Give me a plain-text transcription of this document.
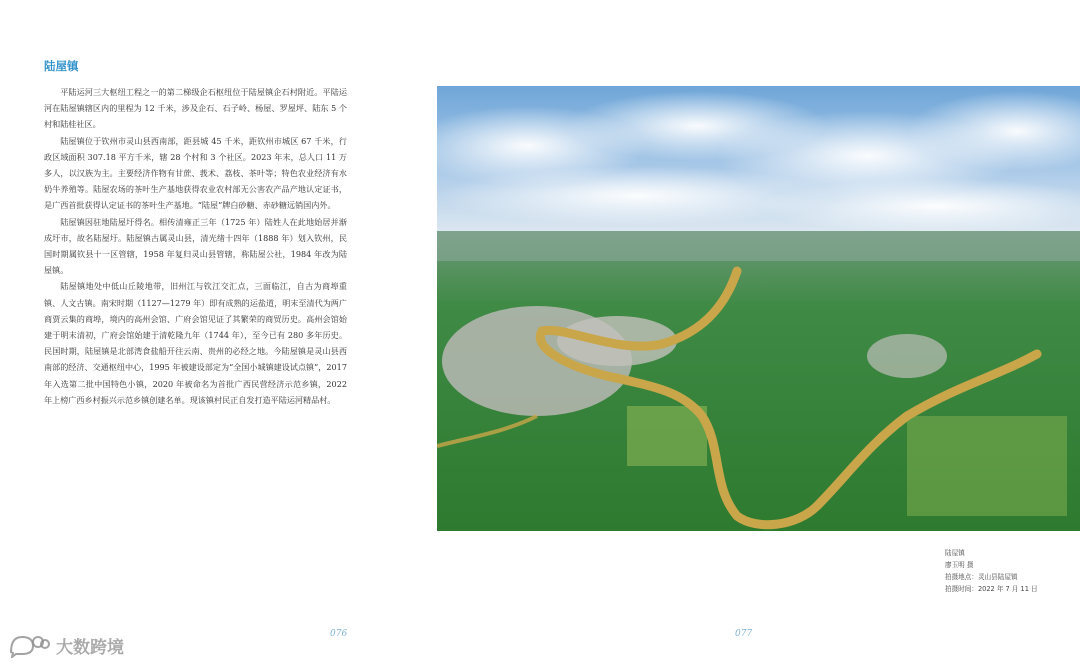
陆屋镇

平陆运河三大枢纽工程之一的第二梯级企石枢纽位于陆屋镇企石村附近。平陆运河在陆屋镇辖区内的里程为 12 千米，涉及企石、石子岭、杨屋、罗屋坪、陆东 5 个村和陆桂社区。

陆屋镇位于钦州市灵山县西南部，距县城 45 千米，距钦州市城区 67 千米，行政区域面积 307.18 平方千米，辖 28 个村和 3 个社区。2023 年末，总人口 11 万多人，以汉族为主。主要经济作物有甘蔗、莪术、荔枝、茶叶等；特色农业经济有水奶牛养殖等。陆屋农场的茶叶生产基地获得农业农村部无公害农产品产地认定证书，是广西首批获得认定证书的茶叶生产基地。“陆屋”牌白砂糖、赤砂糖远销国内外。

陆屋镇因驻地陆屋圩得名。相传清雍正三年（1725 年）陆姓人在此地始居并渐成圩市，故名陆屋圩。陆屋镇古属灵山县，清光绪十四年（1888 年）划入钦州，民国时期属钦县十一区管辖，1958 年复归灵山县管辖，称陆屋公社，1984 年改为陆屋镇。

陆屋镇地处中低山丘陵地带，旧州江与钦江交汇点，三面临江，自古为商埠重镇、人文古镇。南宋时期（1127—1279 年）即有成熟的运盐道，明末至清代为两广商贾云集的商埠，境内的高州会馆、广府会馆见证了其繁荣的商贸历史。高州会馆始建于明末清初，广府会馆始建于清乾隆九年（1744 年），至今已有 280 多年历史。民国时期，陆屋镇是北部湾食盐船开往云南、贵州的必经之地。今陆屋镇是灵山县西南部的经济、交通枢纽中心，1995 年被建设部定为“全国小城镇建设试点镇”，2017 年入选第二批中国特色小镇，2020 年被命名为首批广西民营经济示范乡镇，2022 年上榜广西乡村振兴示范乡镇创建名单。现该镇村民正自发打造平陆运河精品村。

076	077
陆屋镇
廖玉明 摄
拍摄地点：灵山县陆屋镇
拍摄时间：2022 年 7 月 11 日
大数跨境
